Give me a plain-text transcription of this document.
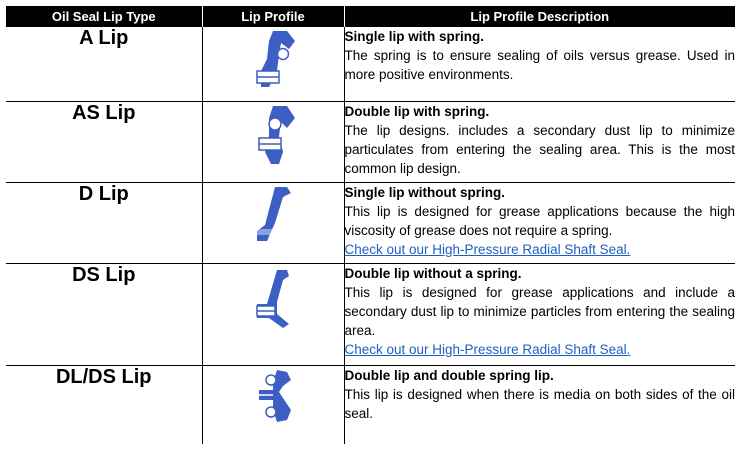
Oil Seal Lip Type	Lip Profile	Lip Profile Description
A Lip		Single lip with spring.
The spring is to ensure sealing of oils versus grease. Used in more positive environments.

AS Lip		Double lip with spring.
The lip designs. includes a secondary dust lip to minimize particulates from entering the sealing area. This is the most common lip design.

D Lip		Single lip without spring.
This lip is designed for grease applications because the high viscosity of grease does not require a spring.
Check out our High-Pressure Radial Shaft Seal.

DS Lip		Double lip without a spring.
This lip is designed for grease applications and include a secondary dust lip to minimize particles from entering the sealing area.
Check out our High-Pressure Radial Shaft Seal.

DL/DS Lip		Double lip and double spring lip.
This lip is designed when there is media on both sides of the oil seal.
